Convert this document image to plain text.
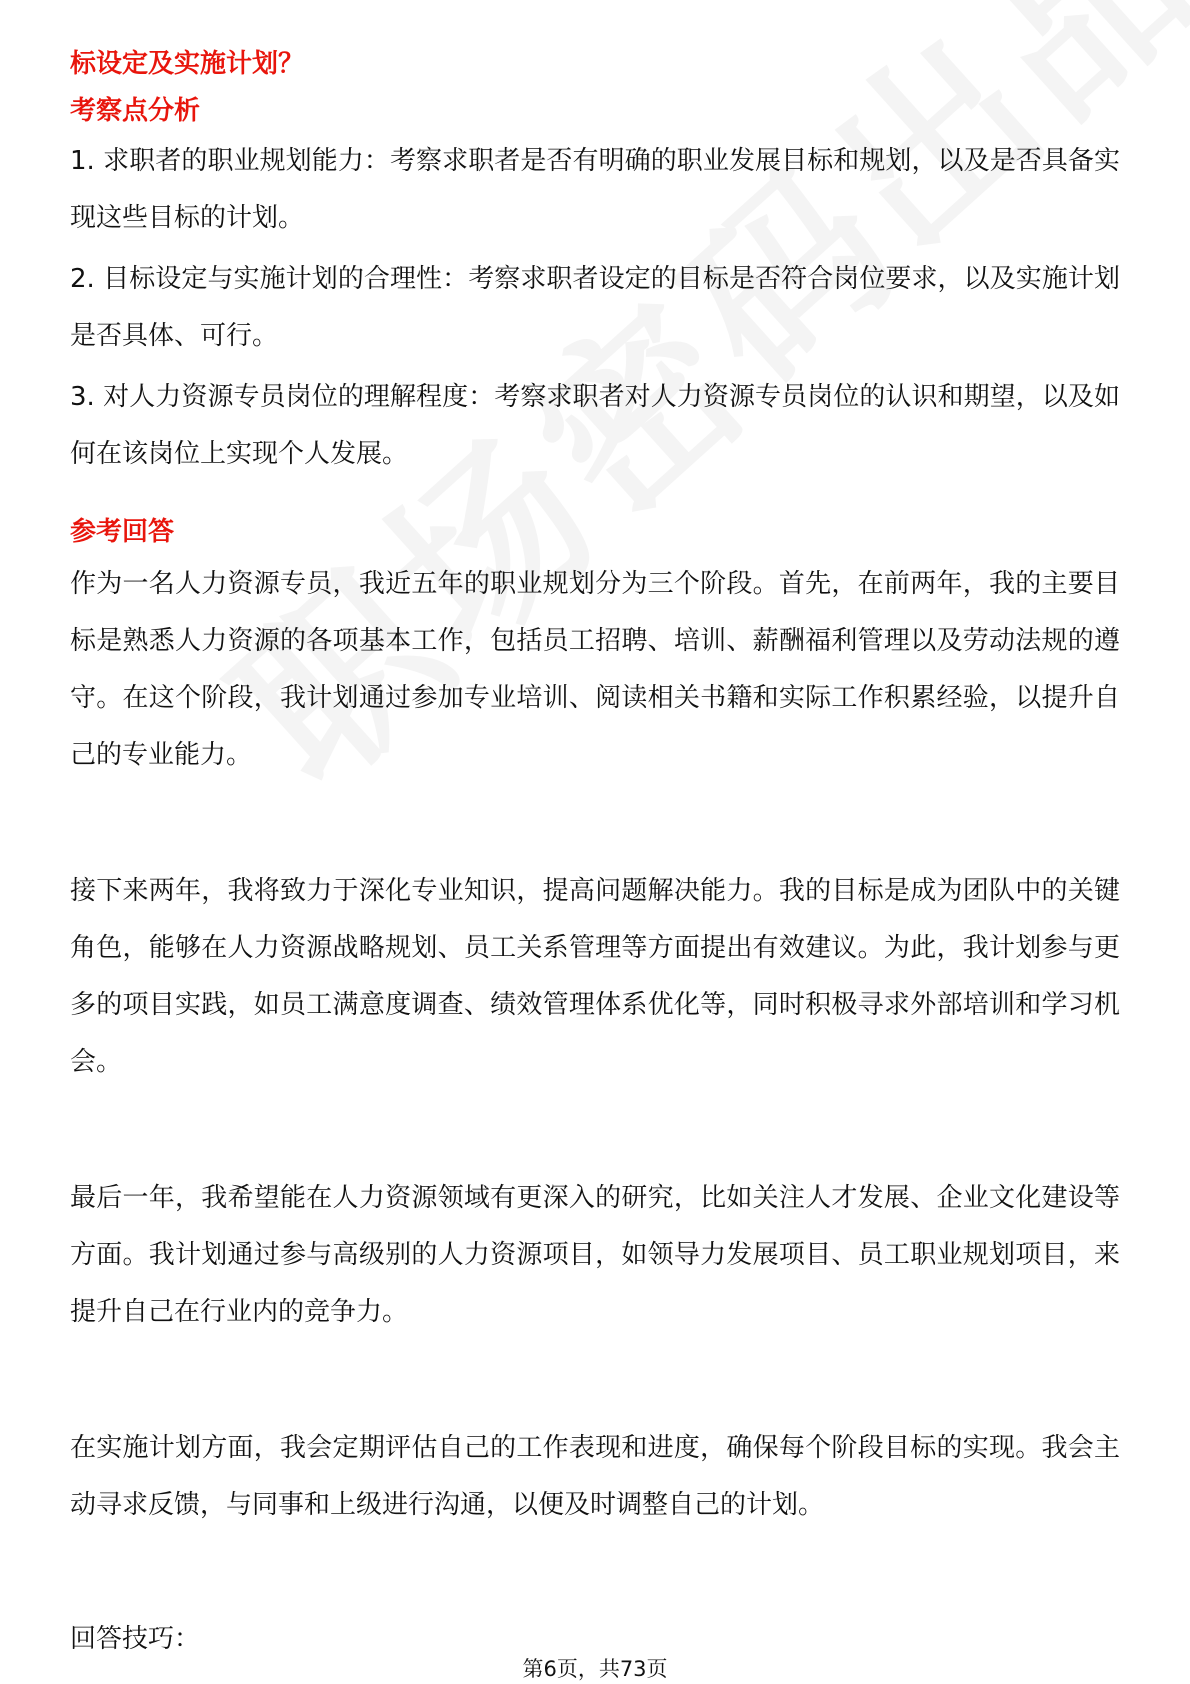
标设定及实施计划？

考察点分析

1. 求职者的职业规划能力：考察求职者是否有明确的职业发展目标和规划，以及是否具备实现这些目标的计划。

2. 目标设定与实施计划的合理性：考察求职者设定的目标是否符合岗位要求，以及实施计划是否具体、可行。

3. 对人力资源专员岗位的理解程度：考察求职者对人力资源专员岗位的认识和期望，以及如何在该岗位上实现个人发展。

参考回答

作为一名人力资源专员，我近五年的职业规划分为三个阶段。首先，在前两年，我的主要目标是熟悉人力资源的各项基本工作，包括员工招聘、培训、薪酬福利管理以及劳动法规的遵守。在这个阶段，我计划通过参加专业培训、阅读相关书籍和实际工作积累经验，以提升自己的专业能力。

接下来两年，我将致力于深化专业知识，提高问题解决能力。我的目标是成为团队中的关键角色，能够在人力资源战略规划、员工关系管理等方面提出有效建议。为此，我计划参与更多的项目实践，如员工满意度调查、绩效管理体系优化等，同时积极寻求外部培训和学习机会。

最后一年，我希望能在人力资源领域有更深入的研究，比如关注人才发展、企业文化建设等方面。我计划通过参与高级别的人力资源项目，如领导力发展项目、员工职业规划项目，来提升自己在行业内的竞争力。

在实施计划方面，我会定期评估自己的工作表现和进度，确保每个阶段目标的实现。我会主动寻求反馈，与同事和上级进行沟通，以便及时调整自己的计划。

回答技巧：

第6页，共73页
